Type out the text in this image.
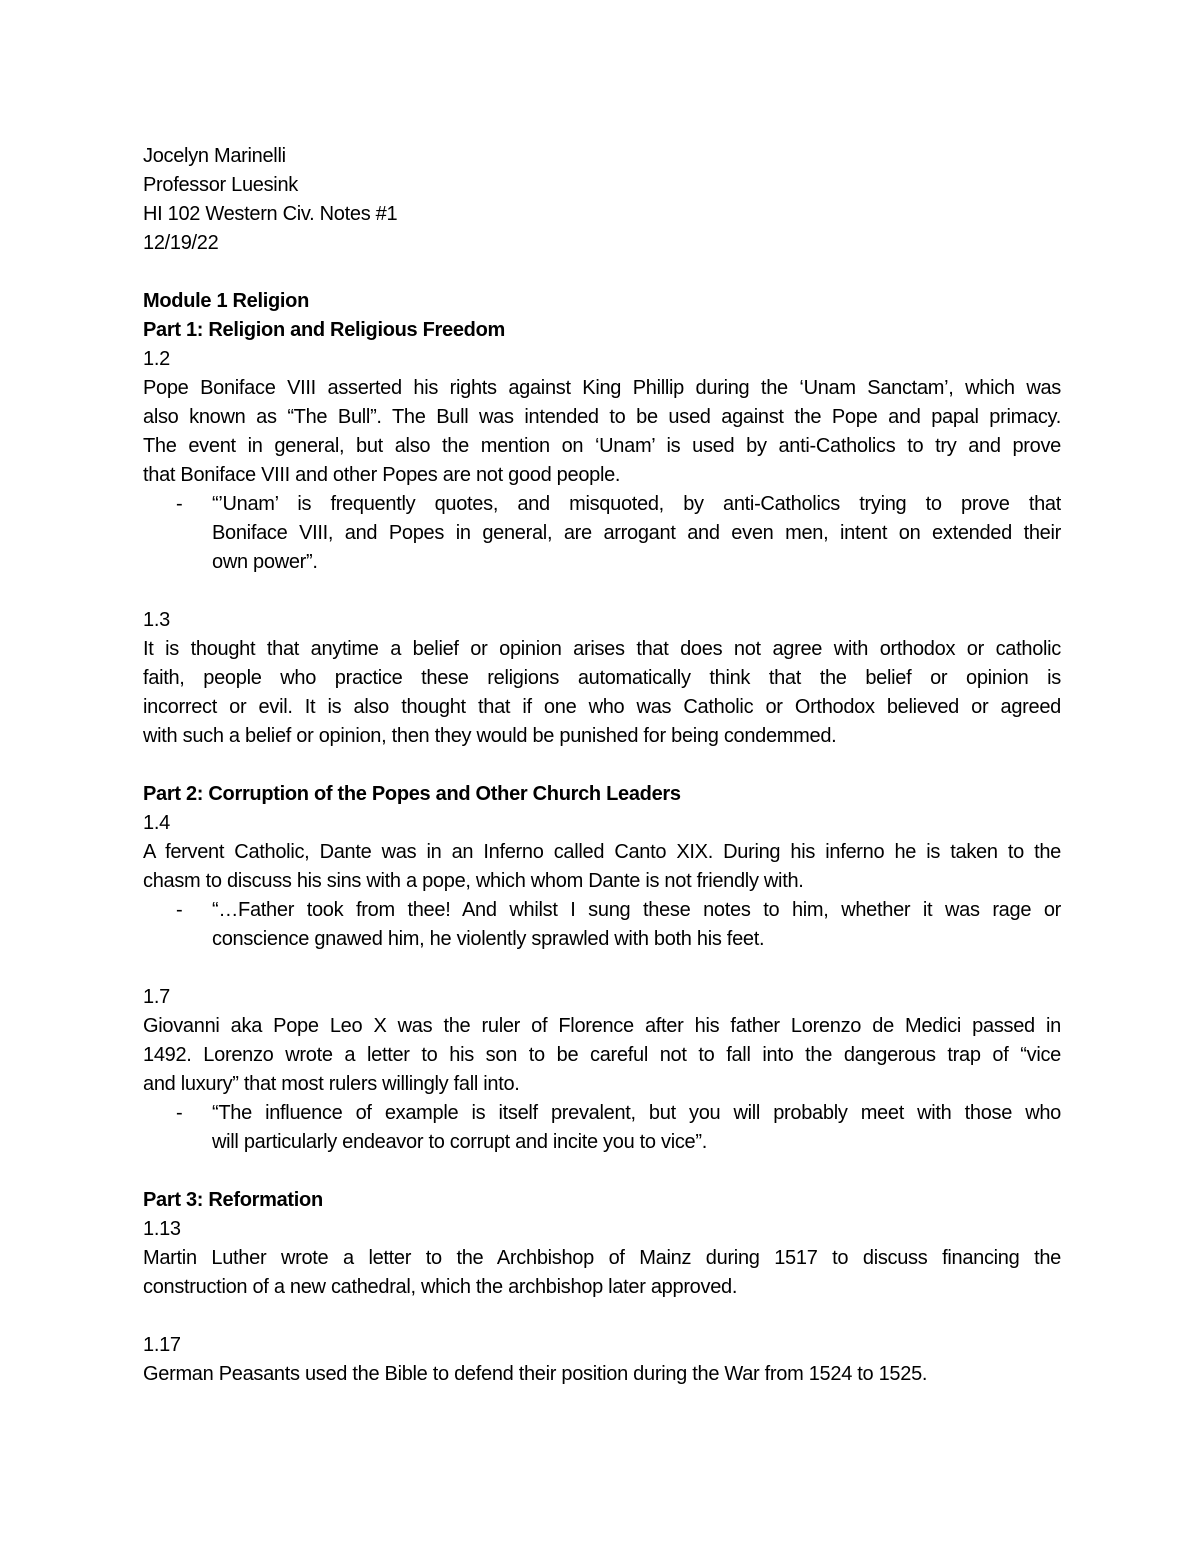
Jocelyn Marinelli
Professor Luesink
HI 102 Western Civ. Notes #1
12/19/22
Module 1 Religion
Part 1: Religion and Religious Freedom
1.2
Pope Boniface VIII asserted his rights against King Phillip during the ‘Unam Sanctam’, which was
also known as “The Bull”. The Bull was intended to be used against the Pope and papal primacy.
The event in general, but also the mention on ‘Unam’ is used by anti-Catholics to try and prove
that Boniface VIII and other Popes are not good people.
- “’Unam’ is frequently quotes, and misquoted, by anti-Catholics trying to prove that
Boniface VIII, and Popes in general, are arrogant and even men, intent on extended their
own power”.
1.3
It is thought that anytime a belief or opinion arises that does not agree with orthodox or catholic
faith, people who practice these religions automatically think that the belief or opinion is
incorrect or evil. It is also thought that if one who was Catholic or Orthodox believed or agreed
with such a belief or opinion, then they would be punished for being condemmed.
Part 2: Corruption of the Popes and Other Church Leaders
1.4
A fervent Catholic, Dante was in an Inferno called Canto XIX. During his inferno he is taken to the
chasm to discuss his sins with a pope, which whom Dante is not friendly with.
- “…Father took from thee! And whilst I sung these notes to him, whether it was rage or
conscience gnawed him, he violently sprawled with both his feet.
1.7
Giovanni aka Pope Leo X was the ruler of Florence after his father Lorenzo de Medici passed in
1492. Lorenzo wrote a letter to his son to be careful not to fall into the dangerous trap of “vice
and luxury” that most rulers willingly fall into.
- “The influence of example is itself prevalent, but you will probably meet with those who
will particularly endeavor to corrupt and incite you to vice”.
Part 3: Reformation
1.13
Martin Luther wrote a letter to the Archbishop of Mainz during 1517 to discuss financing the
construction of a new cathedral, which the archbishop later approved.
1.17
German Peasants used the Bible to defend their position during the War from 1524 to 1525.
